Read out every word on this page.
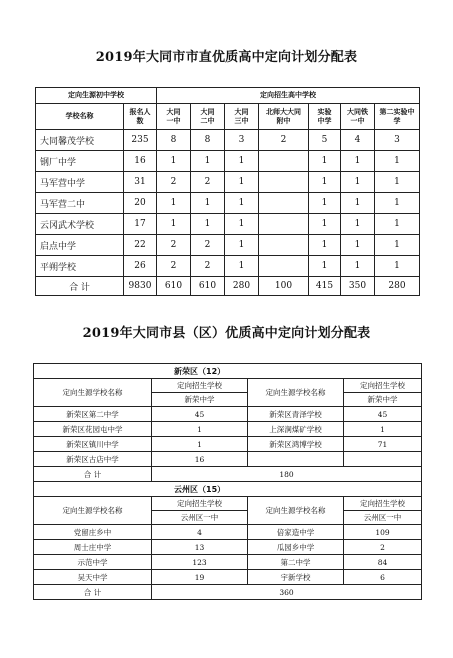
2019年大同市市直优质高中定向计划分配表
定向生源初中学校		定向招生高中学校						
学校名称	报名人数	大同一中	大同二中	大同三中	北师大大同附中	实验中学	大同铁一中	第二实验中学

大同馨茂学校	235	8	8	3	2	5	4	3
钢厂中学	16	1	1	1		1	1	1
马军营中学	31	2	2	1		1	1	1
马军营二中	20	1	1	1		1	1	1
云冈武术学校	17	1	1	1		1	1	1
启点中学	22	2	2	1		1	1	1
平朔学校	26	2	2	1		1	1	1
合 计	9830	610	610	280	100	415	350	280
2019年大同市县（区）优质高中定向计划分配表
新荣区（12）			
定向生源学校名称	定向招生学校	定向生源学校名称	定向招生学校
	新荣中学		新荣中学
新荣区第二中学	45	新荣区青泽学校	45
新荣区花园屯中学	1	上深涧煤矿学校	1
新荣区镇川中学	1	新荣区鸿博学校	71
新荣区古店中学	16		
合 计	180		
云州区（15）			
定向生源学校名称	定向招生学校	定向生源学校名称	定向招生学校
	云州区一中		云州区一中
党留庄乡中	4	倍家造中学	109
周士庄中学	13	瓜园乡中学	2
示范中学	123	第二中学	84
吴天中学	19	宇新学校	6
合 计	360		
